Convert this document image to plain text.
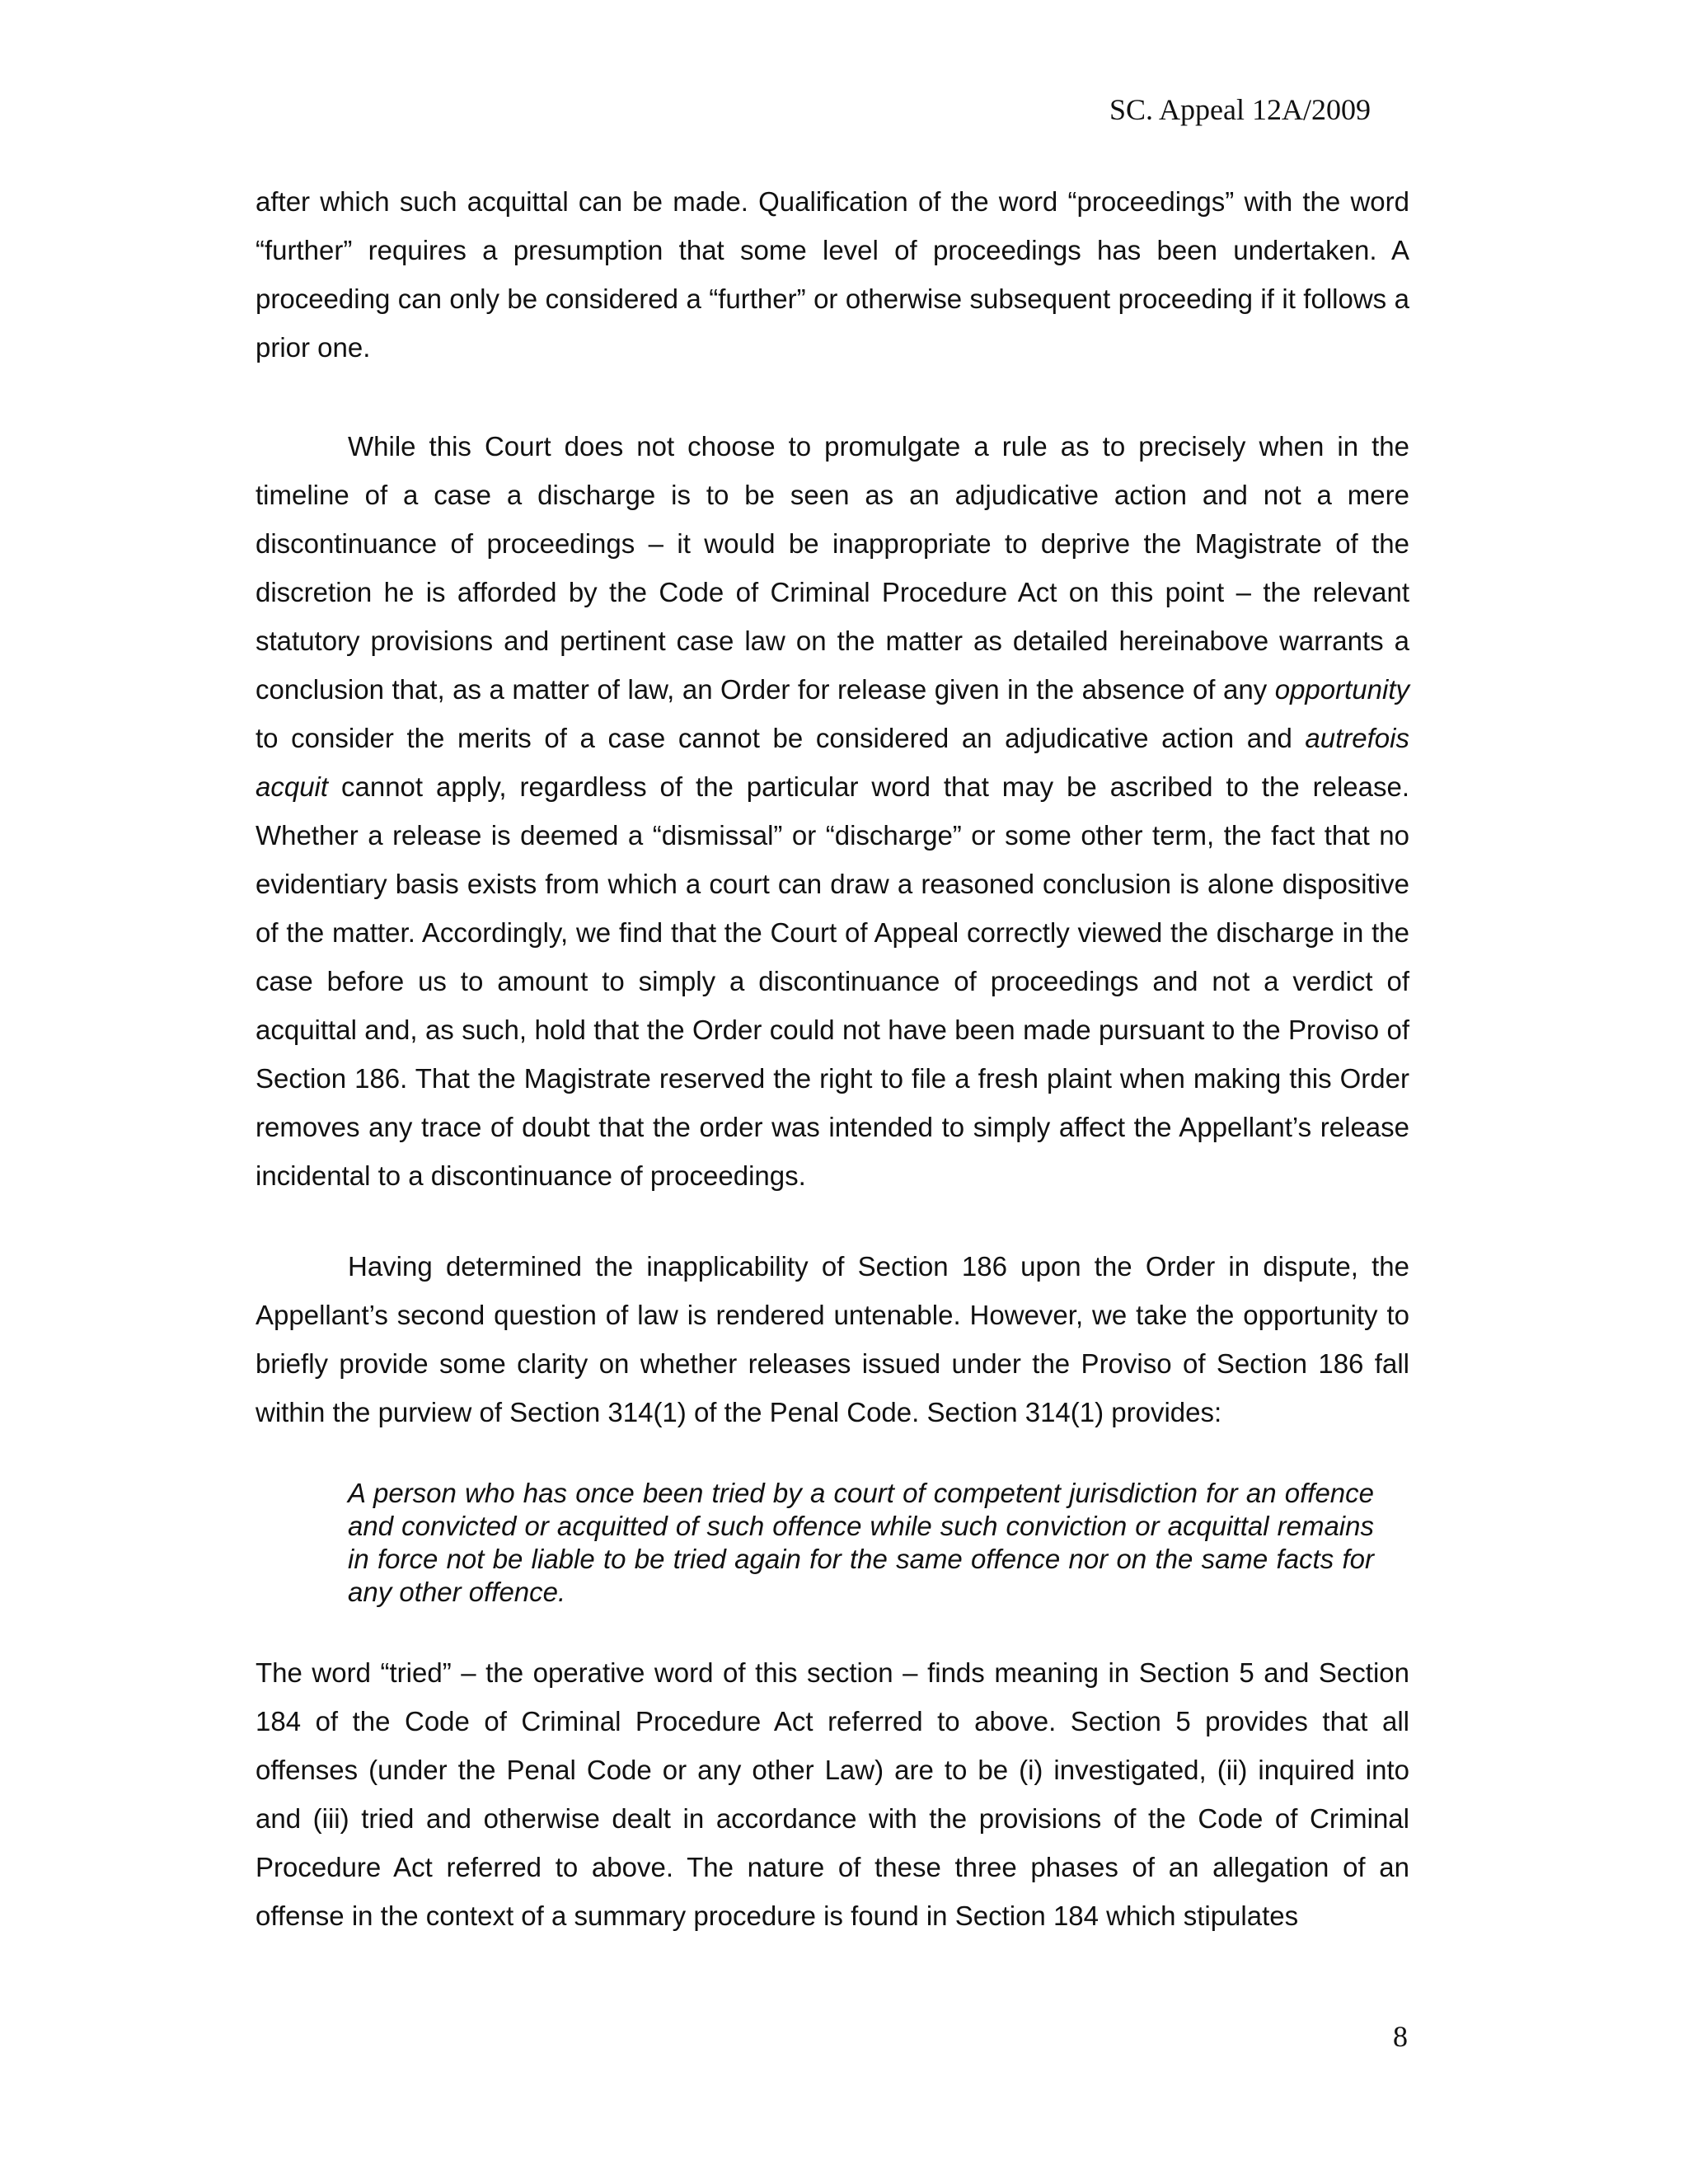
SC. Appeal 12A/2009

after which such acquittal can be made. Qualification of the word “proceedings” with the word “further” requires a presumption that some level of proceedings has been undertaken. A proceeding can only be considered a “further” or otherwise subsequent proceeding if it follows a prior one.

While this Court does not choose to promulgate a rule as to precisely when in the timeline of a case a discharge is to be seen as an adjudicative action and not a mere discontinuance of proceedings – it would be inappropriate to deprive the Magistrate of the discretion he is afforded by the Code of Criminal Procedure Act on this point – the relevant statutory provisions and pertinent case law on the matter as detailed hereinabove warrants a conclusion that, as a matter of law, an Order for release given in the absence of any opportunity to consider the merits of a case cannot be considered an adjudicative action and autrefois acquit cannot apply, regardless of the particular word that may be ascribed to the release. Whether a release is deemed a “dismissal” or “discharge” or some other term, the fact that no evidentiary basis exists from which a court can draw a reasoned conclusion is alone dispositive of the matter. Accordingly, we find that the Court of Appeal correctly viewed the discharge in the case before us to amount to simply a discontinuance of proceedings and not a verdict of acquittal and, as such, hold that the Order could not have been made pursuant to the Proviso of Section 186. That the Magistrate reserved the right to file a fresh plaint when making this Order removes any trace of doubt that the order was intended to simply affect the Appellant’s release incidental to a discontinuance of proceedings.

Having determined the inapplicability of Section 186 upon the Order in dispute, the Appellant’s second question of law is rendered untenable. However, we take the opportunity to briefly provide some clarity on whether releases issued under the Proviso of Section 186 fall within the purview of Section 314(1) of the Penal Code. Section 314(1) provides:

A person who has once been tried by a court of competent jurisdiction for an offence and convicted or acquitted of such offence while such conviction or acquittal remains in force not be liable to be tried again for the same offence nor on the same facts for any other offence.

The word “tried” – the operative word of this section – finds meaning in Section 5 and Section 184 of the Code of Criminal Procedure Act referred to above. Section 5 provides that all offenses (under the Penal Code or any other Law) are to be (i) investigated, (ii) inquired into and (iii) tried and otherwise dealt in accordance with the provisions of the Code of Criminal Procedure Act referred to above. The nature of these three phases of an allegation of an offense in the context of a summary procedure is found in Section 184 which stipulates

8
